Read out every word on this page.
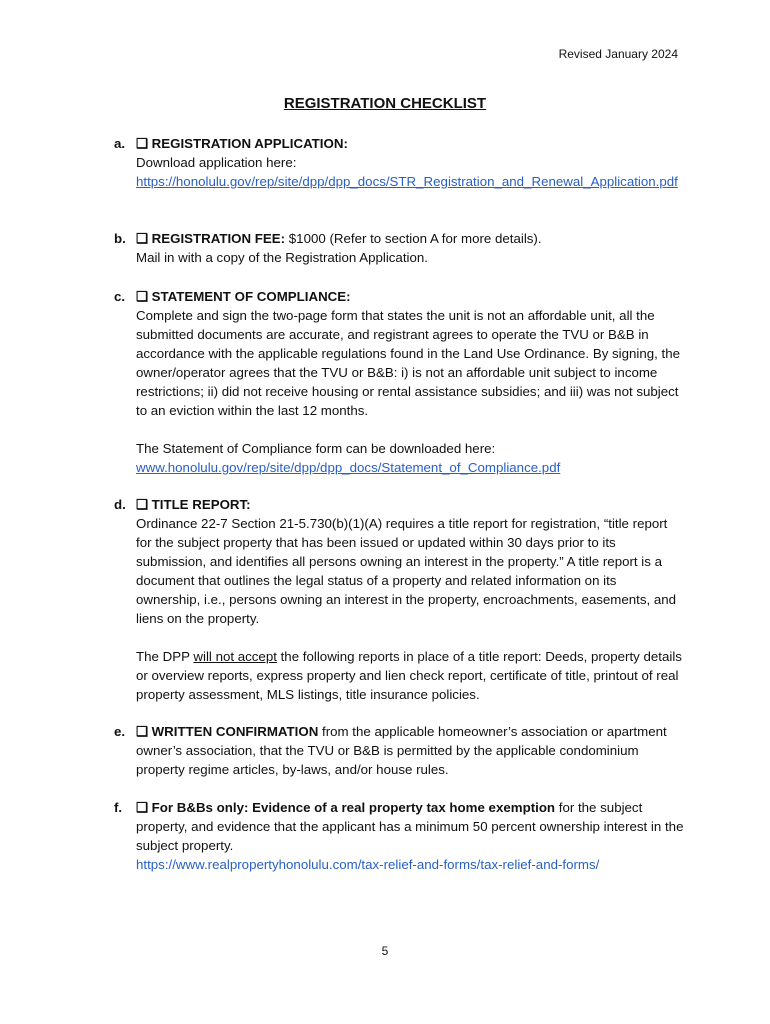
Revised January 2024
REGISTRATION CHECKLIST
a. ❏ REGISTRATION APPLICATION:
Download application here:
https://honolulu.gov/rep/site/dpp/dpp_docs/STR_Registration_and_Renewal_Application.pdf
b. ❏ REGISTRATION FEE: $1000 (Refer to section A for more details).
Mail in with a copy of the Registration Application.
c. ❏ STATEMENT OF COMPLIANCE:
Complete and sign the two-page form that states the unit is not an affordable unit, all the submitted documents are accurate, and registrant agrees to operate the TVU or B&B in accordance with the applicable regulations found in the Land Use Ordinance. By signing, the owner/operator agrees that the TVU or B&B: i) is not an affordable unit subject to income restrictions; ii) did not receive housing or rental assistance subsidies; and iii) was not subject to an eviction within the last 12 months.
The Statement of Compliance form can be downloaded here:
www.honolulu.gov/rep/site/dpp/dpp_docs/Statement_of_Compliance.pdf
d. ❏ TITLE REPORT:
Ordinance 22-7 Section 21-5.730(b)(1)(A) requires a title report for registration, “title report for the subject property that has been issued or updated within 30 days prior to its submission, and identifies all persons owning an interest in the property.” A title report is a document that outlines the legal status of a property and related information on its ownership, i.e., persons owning an interest in the property, encroachments, easements, and liens on the property.
The DPP will not accept the following reports in place of a title report: Deeds, property details or overview reports, express property and lien check report, certificate of title, printout of real property assessment, MLS listings, title insurance policies.
e. ❏ WRITTEN CONFIRMATION from the applicable homeowner’s association or apartment owner’s association, that the TVU or B&B is permitted by the applicable condominium property regime articles, by-laws, and/or house rules.
f. ❏ For B&Bs only: Evidence of a real property tax home exemption for the subject property, and evidence that the applicant has a minimum 50 percent ownership interest in the subject property.
https://www.realpropertyhonolulu.com/tax-relief-and-forms/tax-relief-and-forms/
5
